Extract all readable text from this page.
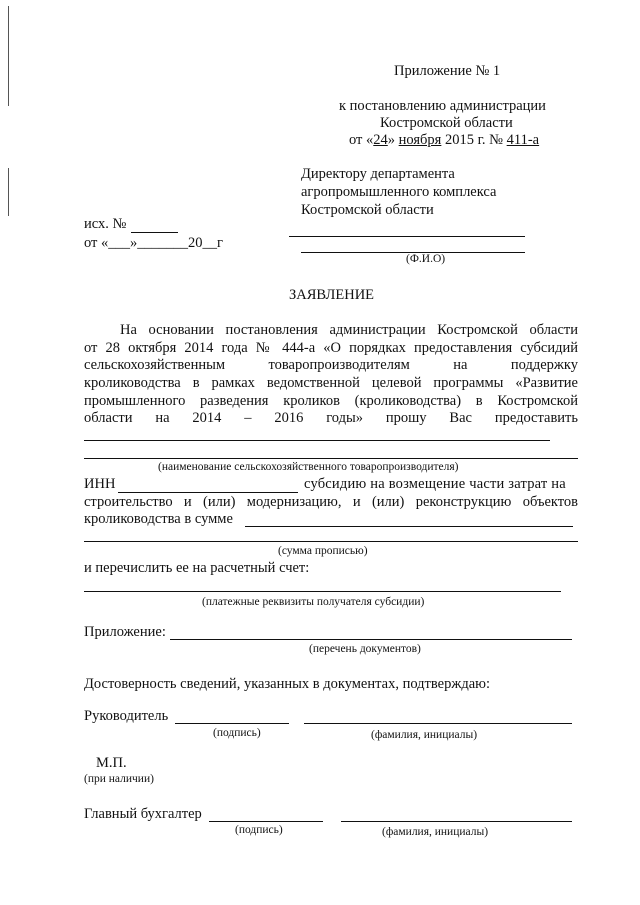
Приложение № 1
к постановлению администрации
Костромской области
от «24» ноября 2015 г. № 411-а
Директору департамента
агропромышленного комплекса
Костромской области
(Ф.И.О)
исх. №
от «___»_______20__г
ЗАЯВЛЕНИЕ
На основании постановления администрации Костромской области
от 28 октября 2014 года № 444-а «О порядках предоставления субсидий
сельскохозяйственным товаропроизводителям на поддержку
кролиководства в рамках ведомственной целевой программы «Развитие
промышленного разведения кроликов (кролиководства) в Костромской
области на 2014 – 2016 годы» прошу Вас предоставить
(наименование сельскохозяйственного товаропроизводителя)
ИНН	субсидию на возмещение части затрат на
строительство и (или) модернизацию, и (или) реконструкцию объектов
кролиководства в сумме
(сумма прописью)
и перечислить ее на расчетный счет:
(платежные реквизиты получателя субсидии)
Приложение:
(перечень документов)
Достоверность сведений, указанных в документах, подтверждаю:
Руководитель
(подпись)	(фамилия, инициалы)
М.П.
(при наличии)
Главный бухгалтер
(подпись)	(фамилия, инициалы)
